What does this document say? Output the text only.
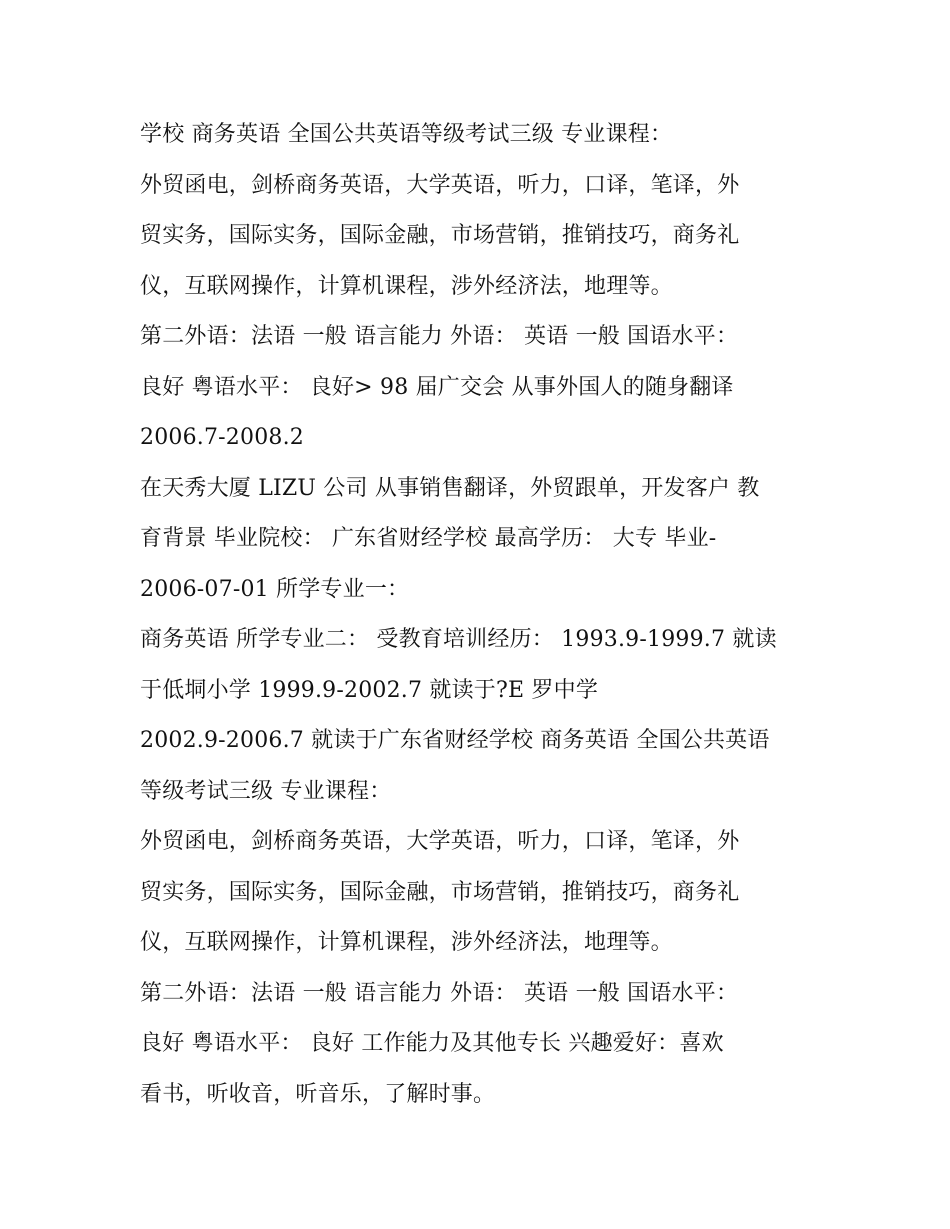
学校 商务英语 全国公共英语等级考试三级 专业课程：
外贸函电，剑桥商务英语，大学英语，听力，口译，笔译，外
贸实务，国际实务，国际金融，市场营销，推销技巧，商务礼
仪，互联网操作，计算机课程，涉外经济法，地理等。
第二外语：法语 一般 语言能力 外语： 英语 一般 国语水平：
良好 粤语水平： 良好> 98 届广交会 从事外国人的随身翻译
2006.7-2008.2
在天秀大厦 LIZU 公司 从事销售翻译，外贸跟单，开发客户 教
育背景 毕业院校： 广东省财经学校 最高学历： 大专 毕业-
2006-07-01 所学专业一：
商务英语 所学专业二： 受教育培训经历： 1993.9-1999.7 就读
于低垌小学 1999.9-2002.7 就读于?E 罗中学
2002.9-2006.7 就读于广东省财经学校 商务英语 全国公共英语
等级考试三级 专业课程：
外贸函电，剑桥商务英语，大学英语，听力，口译，笔译，外
贸实务，国际实务，国际金融，市场营销，推销技巧，商务礼
仪，互联网操作，计算机课程，涉外经济法，地理等。
第二外语：法语 一般 语言能力 外语： 英语 一般 国语水平：
良好 粤语水平： 良好 工作能力及其他专长 兴趣爱好：喜欢
看书，听收音，听音乐，了解时事。
